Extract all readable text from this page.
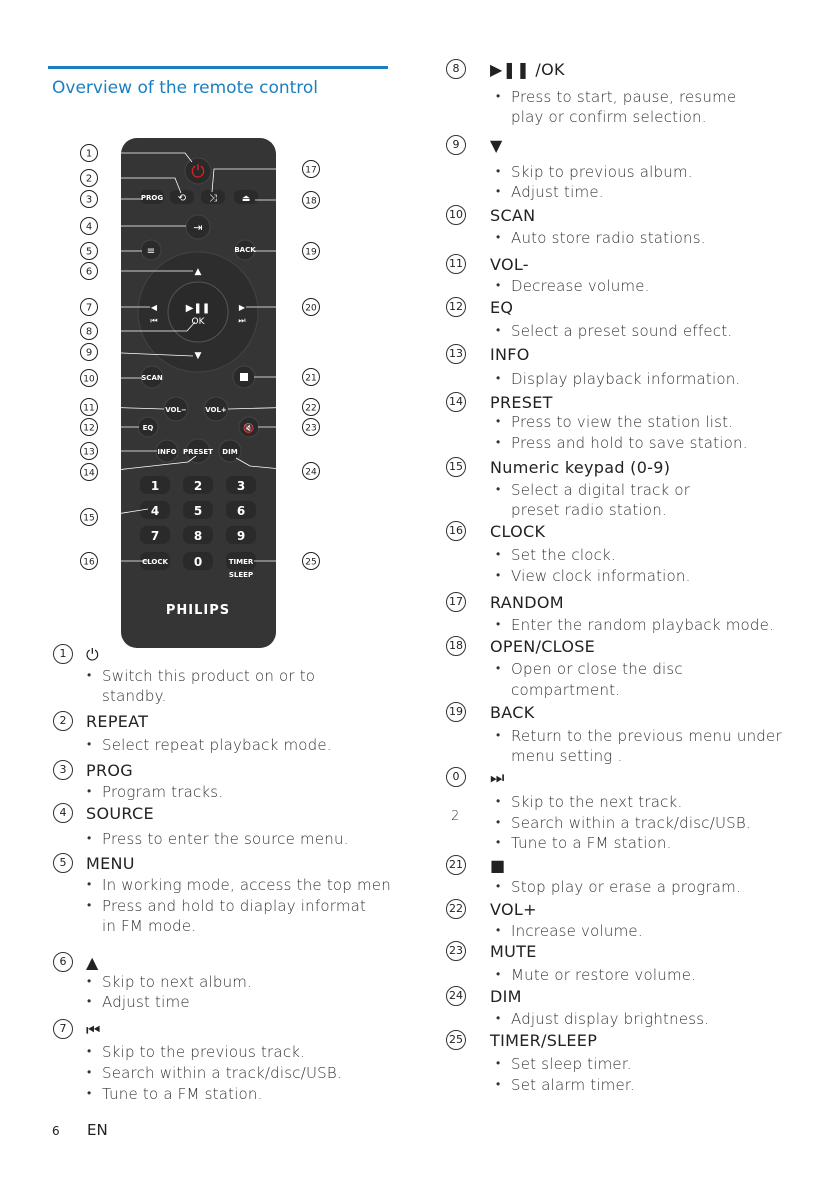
Overview of the remote control
⏻
PROG ⟲ ⤨	⏏
⇥
≡	BACK
▲
▼
◀
⏮
▶
⏭
▶❚❚
OK
SCAN
VOL−	VOL+
EQ	🔇
INFO PRESET DIM
1	2	3
4	5	6
7	8	9
CLOCK 0	TIMER
SLEEP
PHILIPS
1
2
3
4
5
6
7
8
9
10
11
12
13
14
15
16
17
18
19
20
21
22
23
24
25
1	⏻
• Switch this product on or to
standby.
2	REPEAT
• Select repeat playback mode.
3	PROG
• Program tracks.
4	SOURCE
• Press to enter the source menu.
5	MENU
• In working mode, access the top men
• Press and hold to diaplay informat
in FM mode.
6	▲
• Skip to next album.
• Adjust time
7	⏮
• Skip to the previous track.
• Search within a track/disc/USB.
• Tune to a FM station.
8	▶❚❚ /OK
• Press to start, pause, resume
play or confirm selection.
9	▼
• Skip to previous album.
• Adjust time.
10 SCAN
• Auto store radio stations.
11 VOL-
• Decrease volume.
12 EQ
• Select a preset sound effect.
13 INFO
• Display playback information.
14 PRESET
• Press to view the station list.
• Press and hold to save station.
15 Numeric keypad (0-9)
• Select a digital track or
preset radio station.
16 CLOCK
• Set the clock.
• View clock information.
17 RANDOM
• Enter the random playback mode.
18 OPEN/CLOSE
• Open or close the disc
compartment.
19 BACK
• Return to the previous menu under
menu setting .
0
2
⏭
• Skip to the next track.
• Search within a track/disc/USB.
• Tune to a FM station.
21 ■
• Stop play or erase a program.
22 VOL+
• Increase volume.
23 MUTE
• Mute or restore volume.
24 DIM
• Adjust display brightness.
25 TIMER/SLEEP
• Set sleep timer.
• Set alarm timer.
6 EN
